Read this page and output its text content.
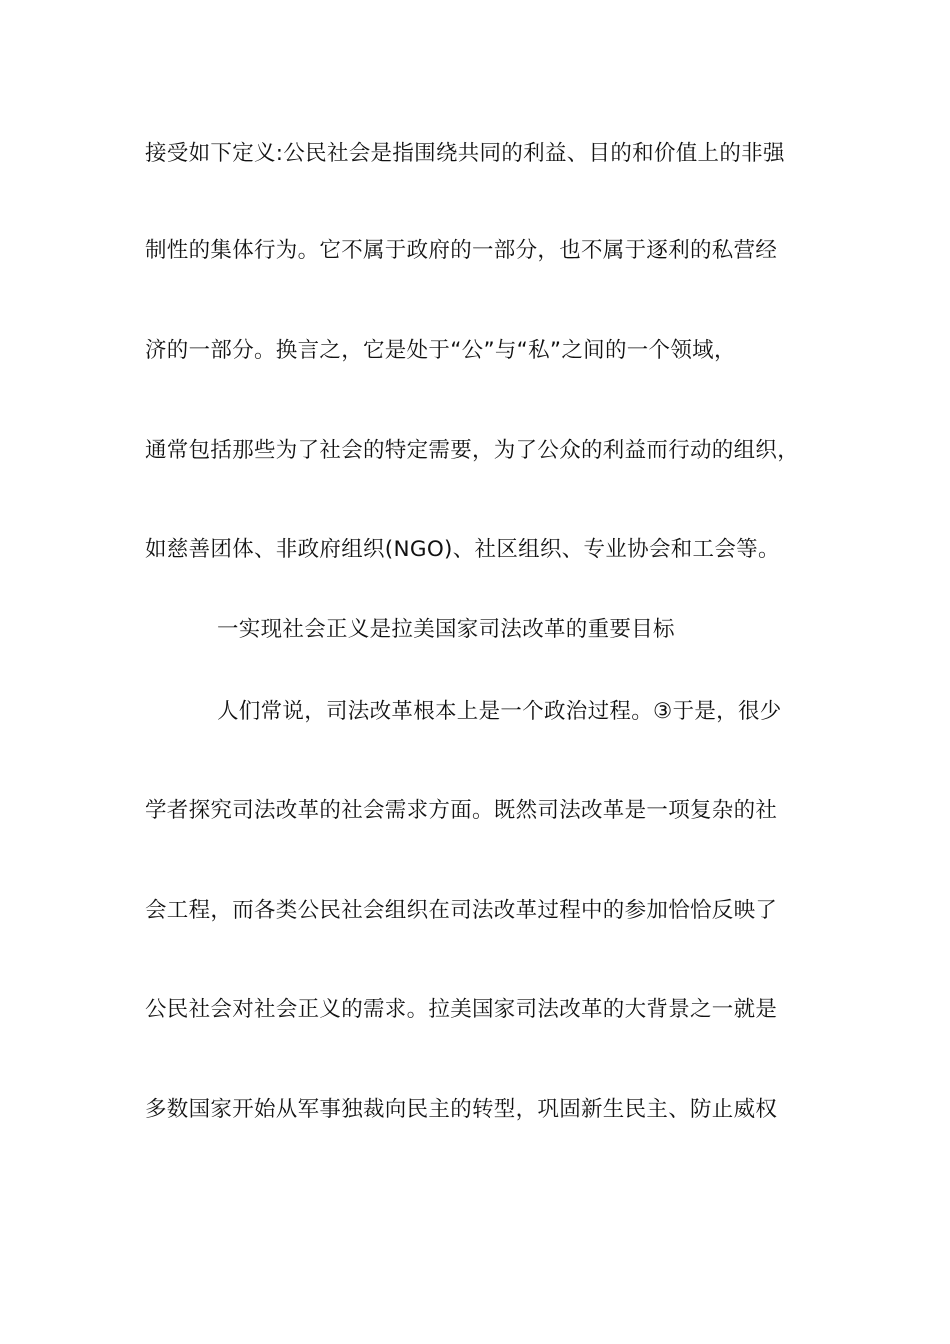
接受如下定义:公民社会是指围绕共同的利益、目的和价值上的非强
制性的集体行为。它不属于政府的一部分，也不属于逐利的私营经
济的一部分。换言之，它是处于“公”与“私”之间的一个领域，
通常包括那些为了社会的特定需要，为了公众的利益而行动的组织，
如慈善团体、非政府组织(NGO)、社区组织、专业协会和工会等。
一实现社会正义是拉美国家司法改革的重要目标
人们常说，司法改革根本上是一个政治过程。③于是，很少
学者探究司法改革的社会需求方面。既然司法改革是一项复杂的社
会工程，而各类公民社会组织在司法改革过程中的参加恰恰反映了
公民社会对社会正义的需求。拉美国家司法改革的大背景之一就是
多数国家开始从军事独裁向民主的转型，巩固新生民主、防止威权
